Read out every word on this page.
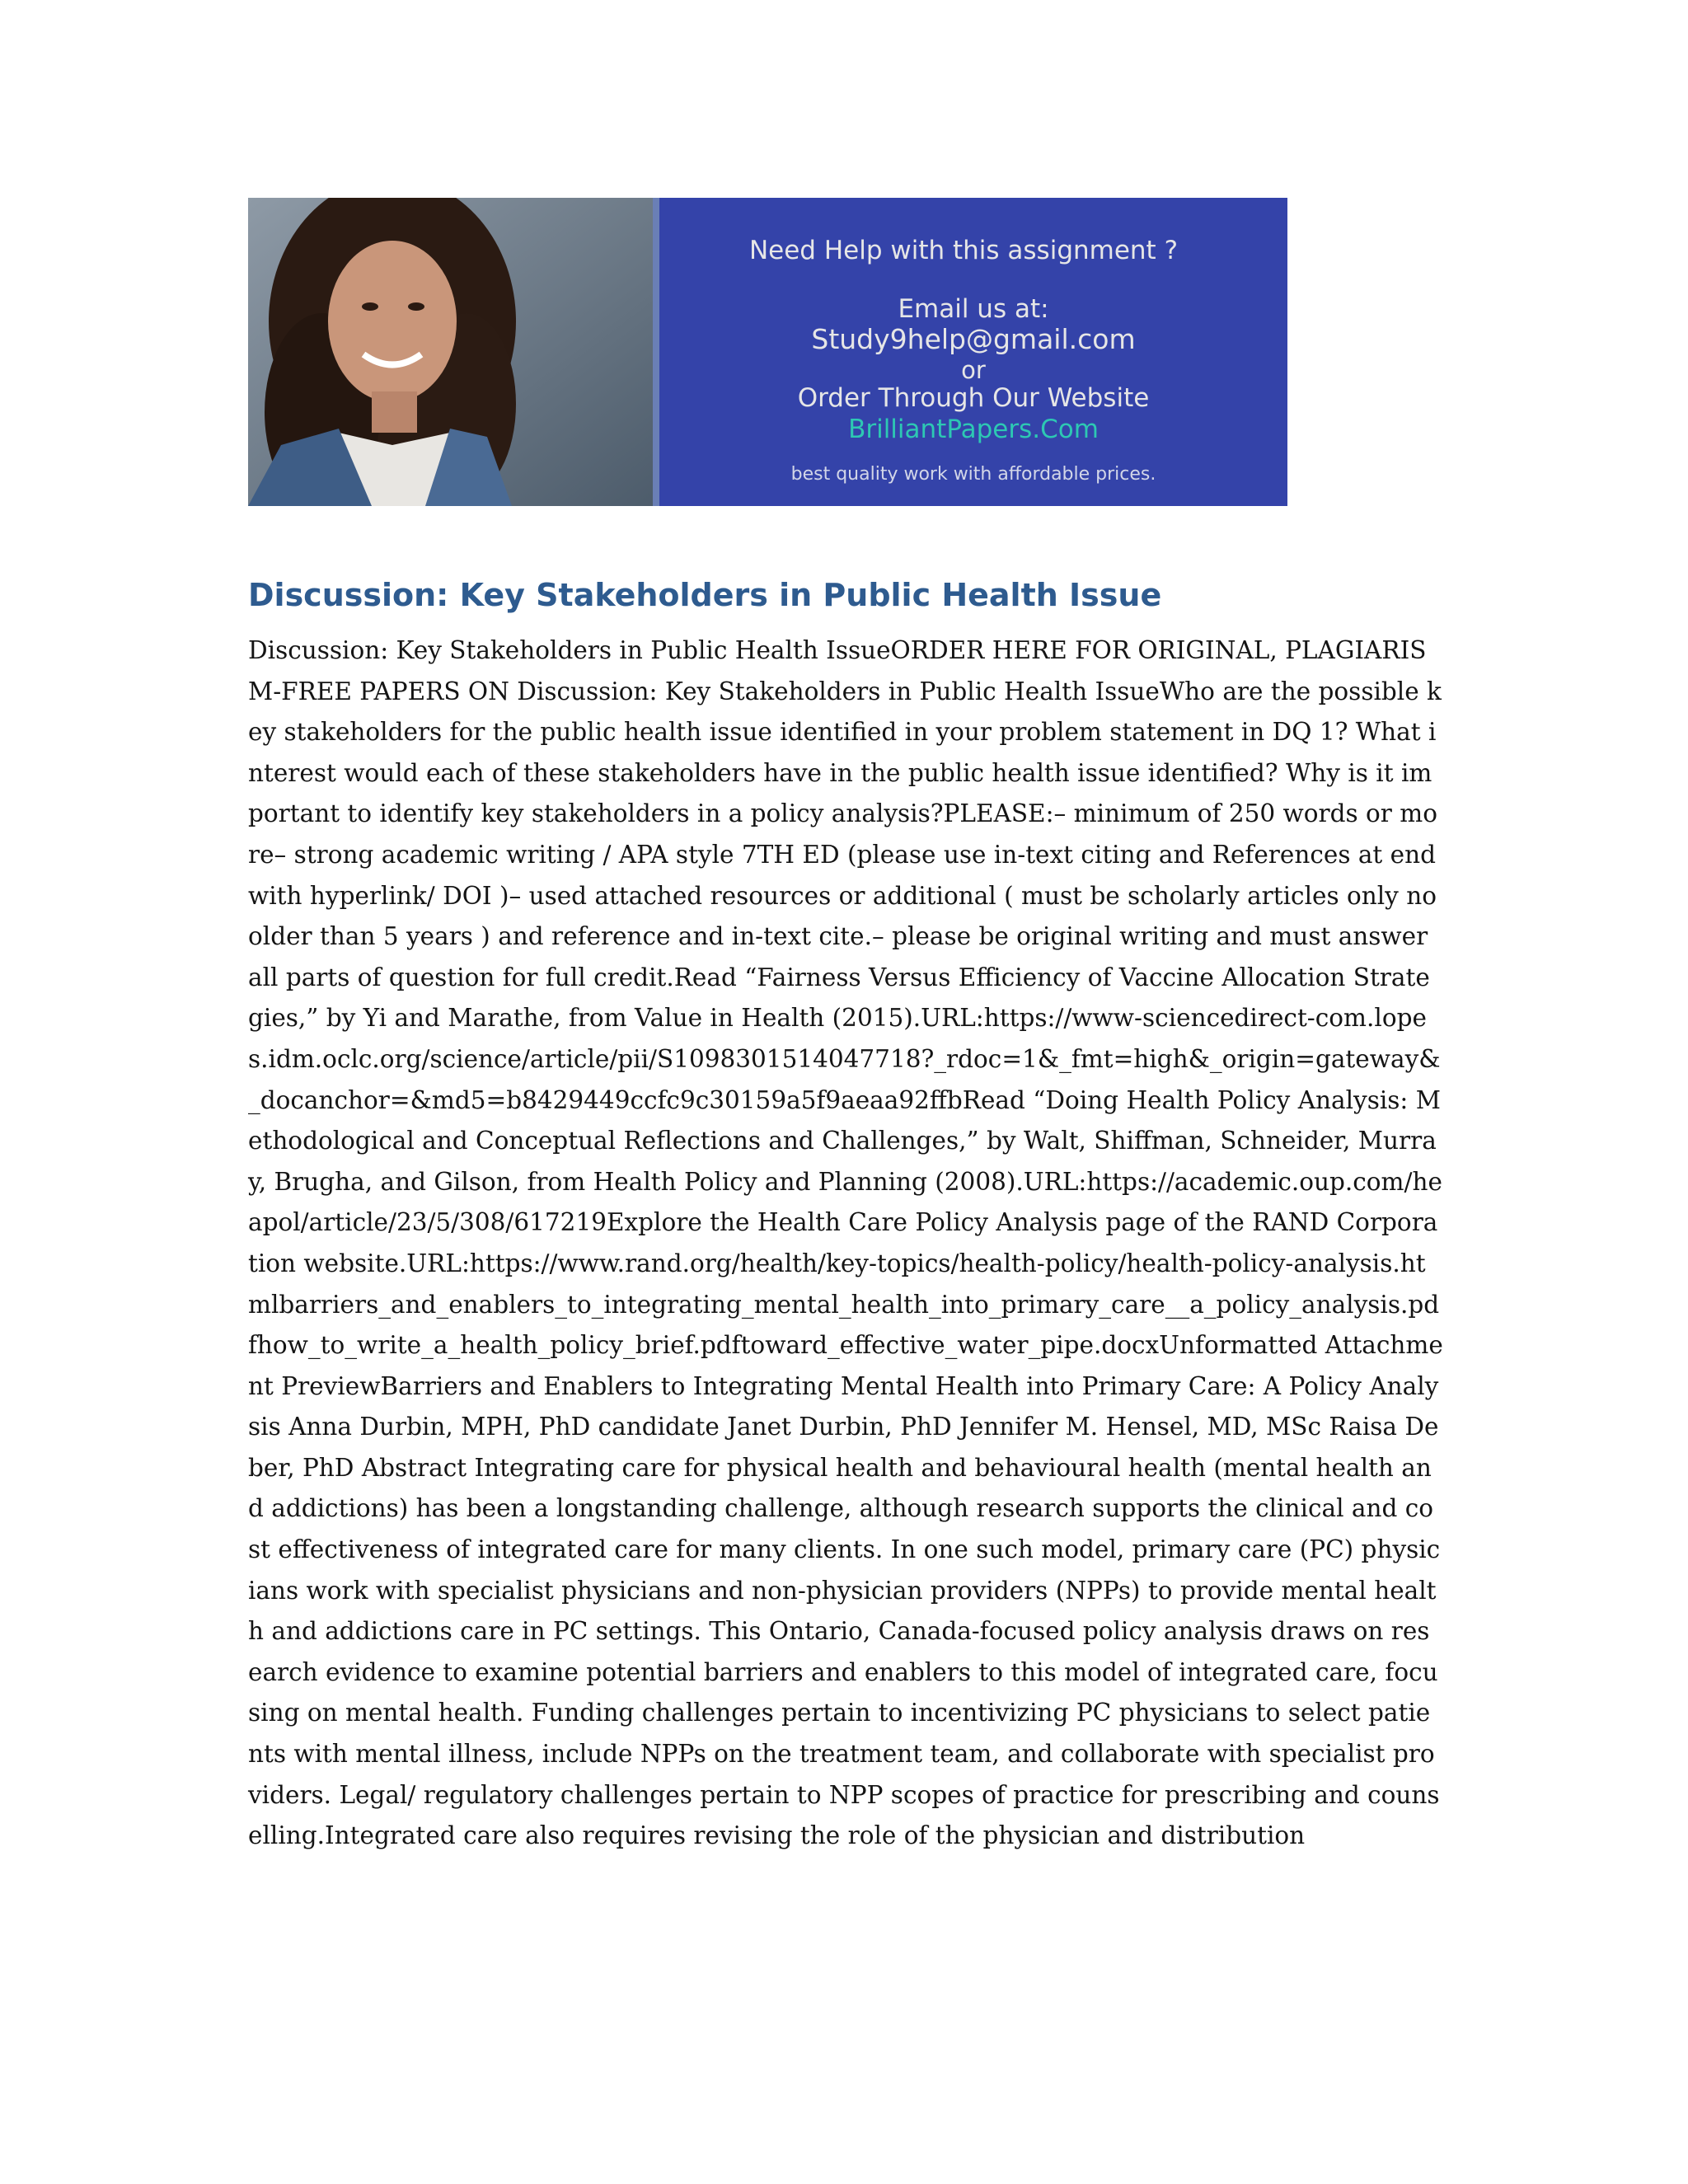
Need Help with this assignment ?
Email us at:
Study9help@gmail.com
or
Order Through Our Website
BrilliantPapers.Com
best quality work with affordable prices.
Discussion: Key Stakeholders in Public Health Issue

Discussion: Key Stakeholders in Public Health IssueORDER HERE FOR ORIGINAL, PLAGIARISM-FREE PAPERS ON Discussion: Key Stakeholders in Public Health IssueWho are the possible key stakeholders for the public health issue identified in your problem statement in DQ 1? What interest would each of these stakeholders have in the public health issue identified? Why is it important to identify key stakeholders in a policy analysis?PLEASE:– minimum of 250 words or more– strong academic writing / APA style 7TH ED (please use in-text citing and References at end with hyperlink/ DOI )– used attached resources or additional ( must be scholarly articles only no older than 5 years ) and reference and in-text cite.– please be original writing and must answer all parts of question for full credit.Read “Fairness Versus Efficiency of Vaccine Allocation Strategies,” by Yi and Marathe, from Value in Health (2015).URL:https://www-sciencedirect-com.lopes.idm.oclc.org/science/article/pii/S1098301514047718?_rdoc=1&_fmt=high&_origin=gateway&_docanchor=&md5=b8429449ccfc9c30159a5f9aeaa92ffbRead “Doing Health Policy Analysis: Methodological and Conceptual Reflections and Challenges,” by Walt, Shiffman, Schneider, Murray, Brugha, and Gilson, from Health Policy and Planning (2008).URL:https://academic.oup.com/heapol/article/23/5/308/617219Explore the Health Care Policy Analysis page of the RAND Corporation website.URL:https://www.rand.org/health/key-topics/health-policy/health-policy-analysis.htmlbarriers_and_enablers_to_integrating_mental_health_into_primary_care__a_policy_analysis.pdfhow_to_write_a_health_policy_brief.pdftoward_effective_water_pipe.docxUnformatted Attachment PreviewBarriers and Enablers to Integrating Mental Health into Primary Care: A Policy Analysis Anna Durbin, MPH, PhD candidate Janet Durbin, PhD Jennifer M. Hensel, MD, MSc Raisa Deber, PhD Abstract Integrating care for physical health and behavioural health (mental health and addictions) has been a longstanding challenge, although research supports the clinical and cost effectiveness of integrated care for many clients. In one such model, primary care (PC) physicians work with specialist physicians and non-physician providers (NPPs) to provide mental health and addictions care in PC settings. This Ontario, Canada-focused policy analysis draws on research evidence to examine potential barriers and enablers to this model of integrated care, focusing on mental health. Funding challenges pertain to incentivizing PC physicians to select patients with mental illness, include NPPs on the treatment team, and collaborate with specialist providers. Legal/ regulatory challenges pertain to NPP scopes of practice for prescribing and counselling.Integrated care also requires revising the role of the physician and distribution
